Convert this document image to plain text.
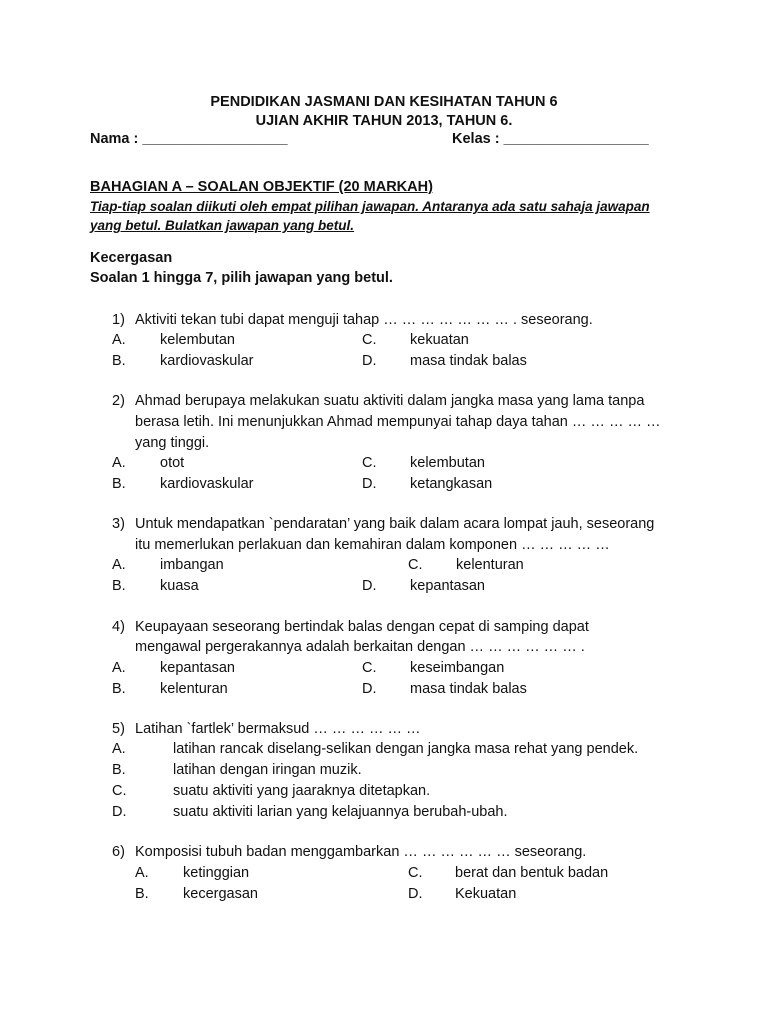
PENDIDIKAN JASMANI DAN KESIHATAN TAHUN 6
UJIAN AKHIR TAHUN 2013, TAHUN 6.
Nama : __________________	Kelas : __________________
BAHAGIAN A – SOALAN OBJEKTIF (20 MARKAH)
Tiap-tiap soalan diikuti oleh empat pilihan jawapan. Antaranya ada satu sahaja jawapan
yang betul. Bulatkan jawapan yang betul.
Kecergasan
Soalan 1 hingga 7, pilih jawapan yang betul.
1) Aktiviti tekan tubi dapat menguji tahap … … … … … … … . seseorang.
A. kelembutan	C. kekuatan
B. kardiovaskular	D. masa tindak balas
2) Ahmad berupaya melakukan suatu aktiviti dalam jangka masa yang lama tanpa
berasa letih. Ini menunjukkan Ahmad mempunyai tahap daya tahan … … … … …
yang tinggi.
A. otot	C. kelembutan
B. kardiovaskular	D. ketangkasan
3) Untuk mendapatkan `pendaratan’ yang baik dalam acara lompat jauh, seseorang
itu memerlukan perlakuan dan kemahiran dalam komponen … … … … …
A. imbangan	C. kelenturan
B. kuasa	D. kepantasan
4) Keupayaan seseorang bertindak balas dengan cepat di samping dapat
mengawal pergerakannya adalah berkaitan dengan … … … … … … .
A. kepantasan	C. keseimbangan
B. kelenturan	D. masa tindak balas
5) Latihan `fartlek’ bermaksud … … … … … …
A.	latihan rancak diselang-selikan dengan jangka masa rehat yang pendek.
B.	latihan dengan iringan muzik.
C.	suatu aktiviti yang jaaraknya ditetapkan.
D.	suatu aktiviti larian yang kelajuannya berubah-ubah.
6) Komposisi tubuh badan menggambarkan … … … … … … seseorang.
A. ketinggian	C. berat dan bentuk badan
B. kecergasan	D. Kekuatan
